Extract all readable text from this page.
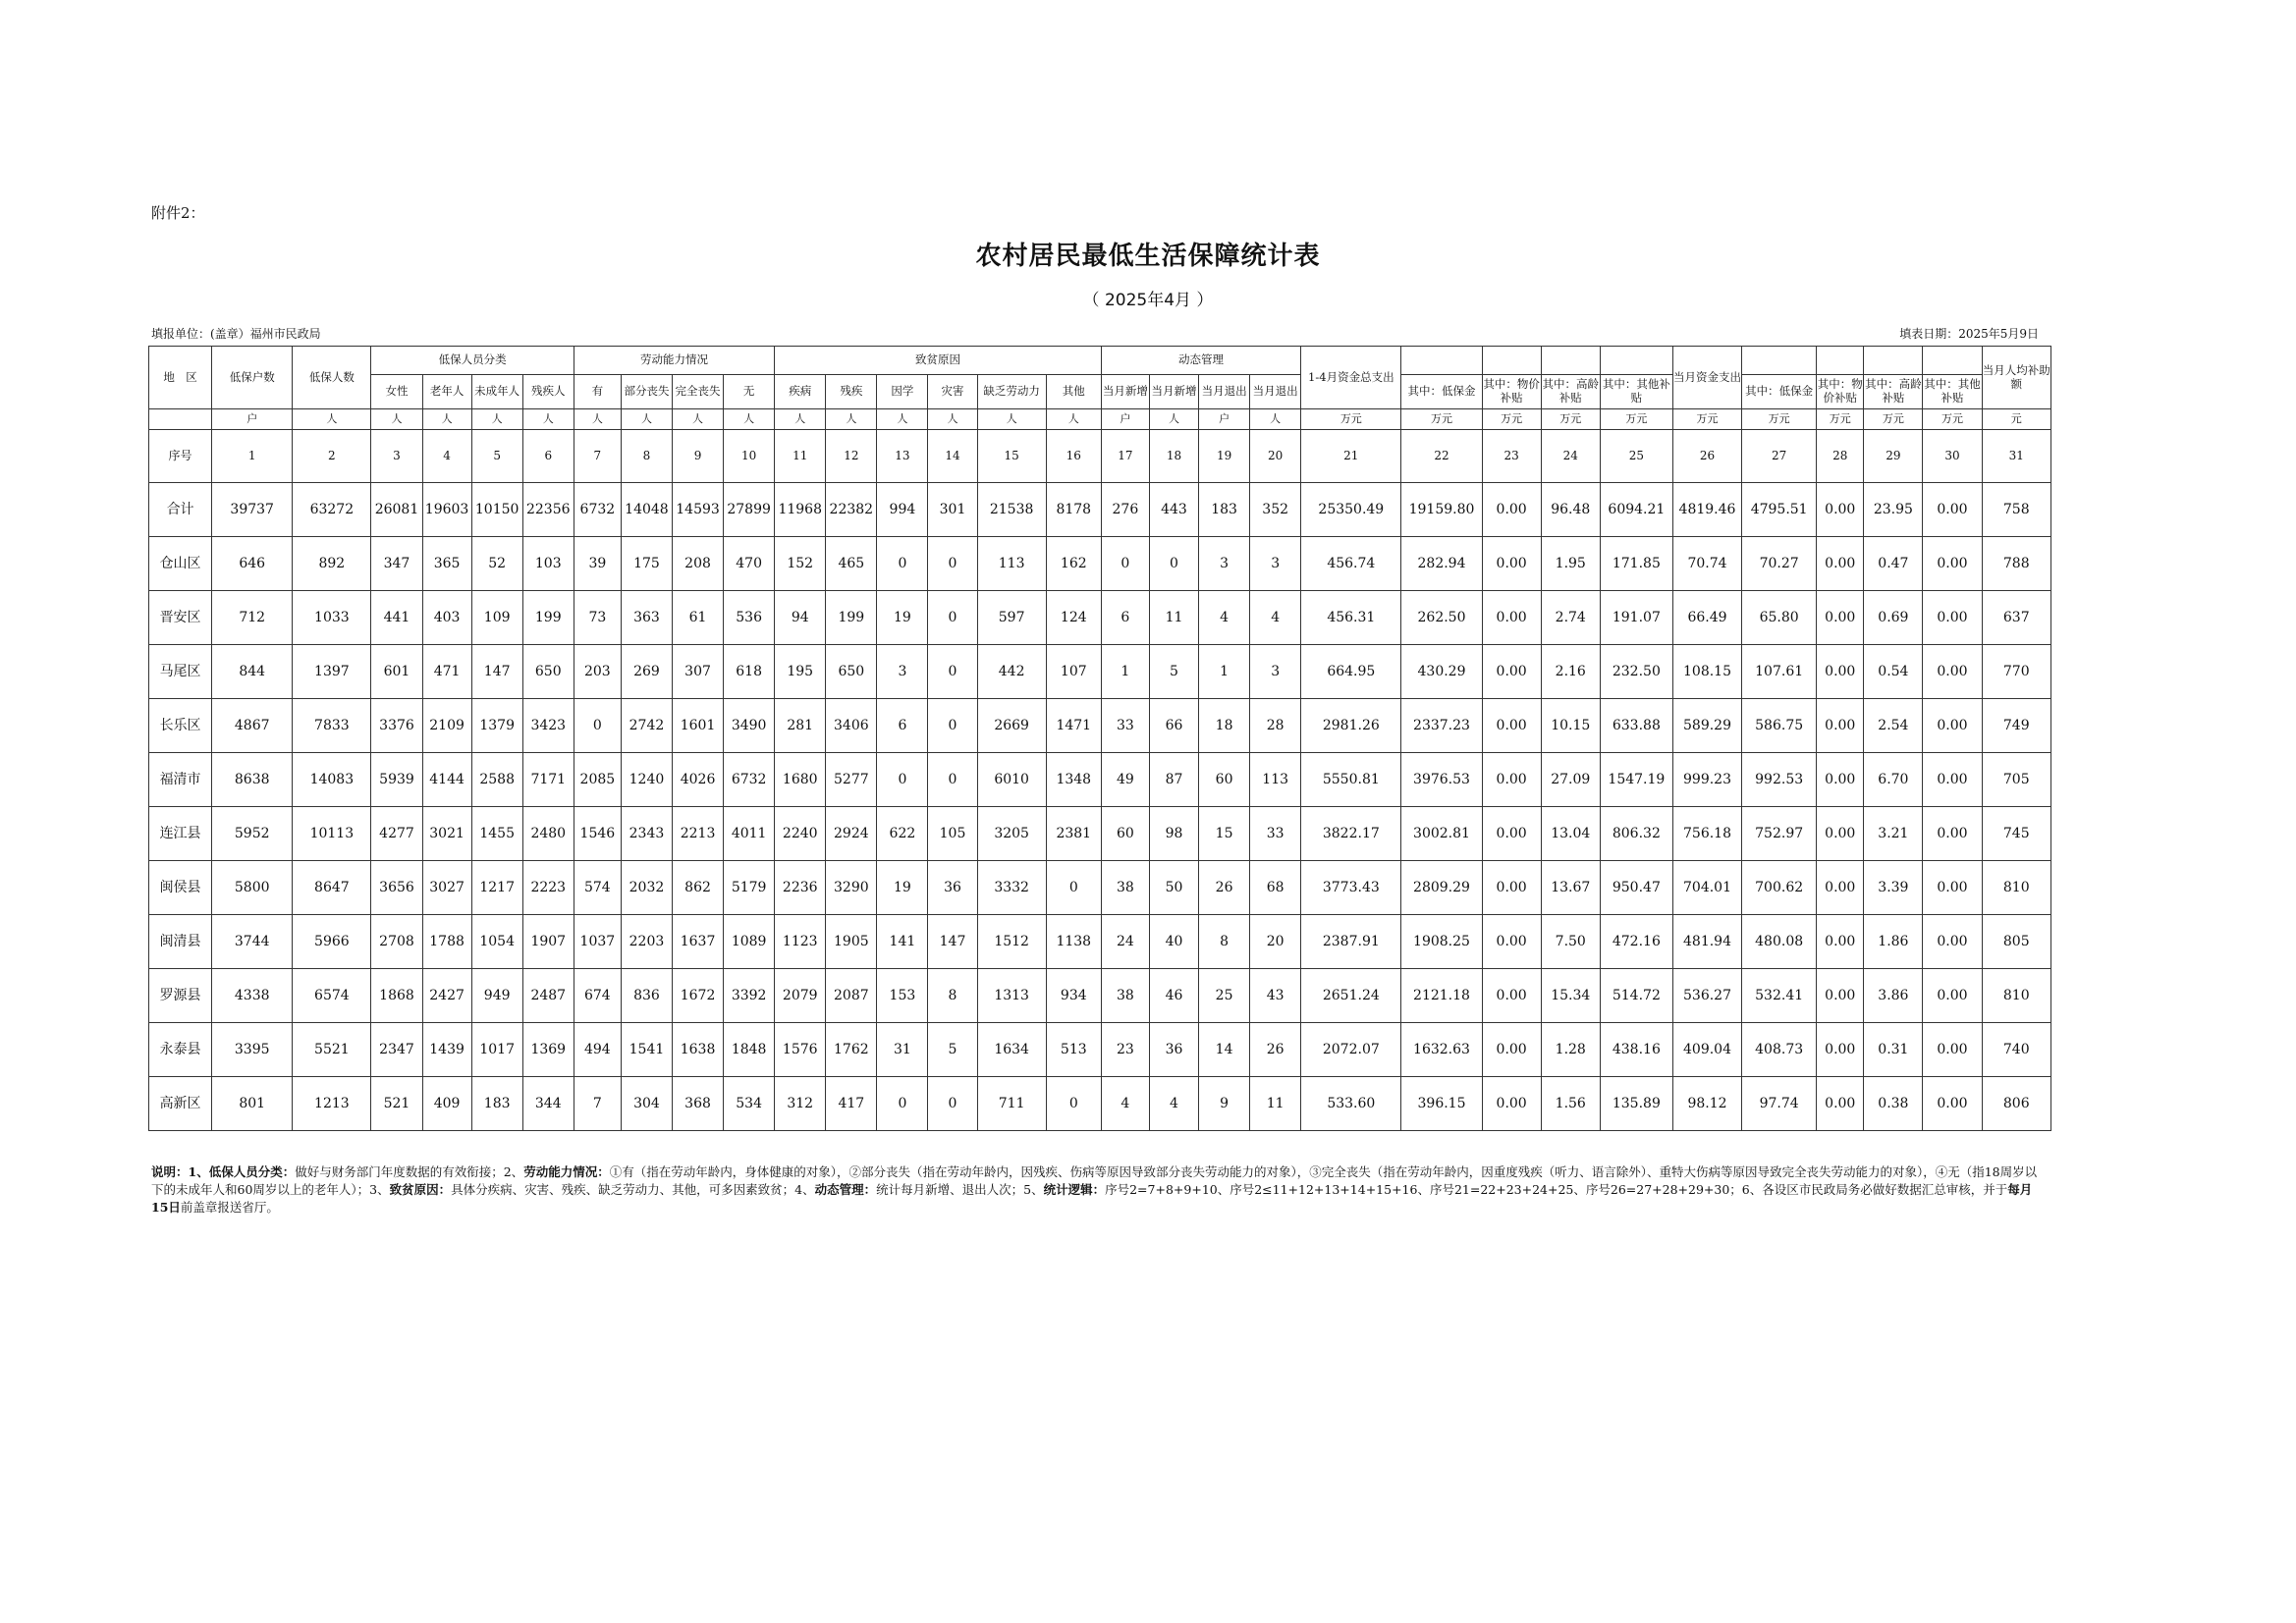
附件2：
农村居民最低生活保障统计表
（ 2025年4月 ）
填报单位：(盖章）福州市民政局	填表日期：2025年5月9日
地　区	低保户数	低保人数	低保人员分类				劳动能力情况				致贫原因						动态管理				1-4月资金总支出					当月资金支出					当月人均补助额
			女性	老年人	未成年人	残疾人	有	部分丧失	完全丧失	无	疾病	残疾	因学	灾害	缺乏劳动力	其他	当月新增	当月新增	当月退出	当月退出		其中：低保金	其中：物价补贴	其中：高龄补贴	其中：其他补贴		其中：低保金	其中：物价补贴	其中：高龄补贴	其中：其他补贴	
	户	人	人	人	人	人	人	人	人	人	人	人	人	人	人	人	户	人	户	人	万元	万元	万元	万元	万元	万元	万元	万元	万元	万元	元
序号	1	2	3	4	5	6	7	8	9	10	11	12	13	14	15	16	17	18	19	20	21	22	23	24	25	26	27	28	29	30	31
合计	39737	63272	26081	19603	10150	22356	6732	14048	14593	27899	11968	22382	994	301	21538	8178	276	443	183	352	25350.49	19159.80	0.00	96.48	6094.21	4819.46	4795.51	0.00	23.95	0.00	758
仓山区	646	892	347	365	52	103	39	175	208	470	152	465	0	0	113	162	0	0	3	3	456.74	282.94	0.00	1.95	171.85	70.74	70.27	0.00	0.47	0.00	788
晋安区	712	1033	441	403	109	199	73	363	61	536	94	199	19	0	597	124	6	11	4	4	456.31	262.50	0.00	2.74	191.07	66.49	65.80	0.00	0.69	0.00	637
马尾区	844	1397	601	471	147	650	203	269	307	618	195	650	3	0	442	107	1	5	1	3	664.95	430.29	0.00	2.16	232.50	108.15	107.61	0.00	0.54	0.00	770
长乐区	4867	7833	3376	2109	1379	3423	0	2742	1601	3490	281	3406	6	0	2669	1471	33	66	18	28	2981.26	2337.23	0.00	10.15	633.88	589.29	586.75	0.00	2.54	0.00	749
福清市	8638	14083	5939	4144	2588	7171	2085	1240	4026	6732	1680	5277	0	0	6010	1348	49	87	60	113	5550.81	3976.53	0.00	27.09	1547.19	999.23	992.53	0.00	6.70	0.00	705
连江县	5952	10113	4277	3021	1455	2480	1546	2343	2213	4011	2240	2924	622	105	3205	2381	60	98	15	33	3822.17	3002.81	0.00	13.04	806.32	756.18	752.97	0.00	3.21	0.00	745
闽侯县	5800	8647	3656	3027	1217	2223	574	2032	862	5179	2236	3290	19	36	3332	0	38	50	26	68	3773.43	2809.29	0.00	13.67	950.47	704.01	700.62	0.00	3.39	0.00	810
闽清县	3744	5966	2708	1788	1054	1907	1037	2203	1637	1089	1123	1905	141	147	1512	1138	24	40	8	20	2387.91	1908.25	0.00	7.50	472.16	481.94	480.08	0.00	1.86	0.00	805
罗源县	4338	6574	1868	2427	949	2487	674	836	1672	3392	2079	2087	153	8	1313	934	38	46	25	43	2651.24	2121.18	0.00	15.34	514.72	536.27	532.41	0.00	3.86	0.00	810
永泰县	3395	5521	2347	1439	1017	1369	494	1541	1638	1848	1576	1762	31	5	1634	513	23	36	14	26	2072.07	1632.63	0.00	1.28	438.16	409.04	408.73	0.00	0.31	0.00	740
高新区	801	1213	521	409	183	344	7	304	368	534	312	417	0	0	711	0	4	4	9	11	533.60	396.15	0.00	1.56	135.89	98.12	97.74	0.00	0.38	0.00	806
说明：1、低保人员分类：做好与财务部门年度数据的有效衔接；2、劳动能力情况：①有（指在劳动年龄内，身体健康的对象），②部分丧失（指在劳动年龄内，因残疾、伤病等原因导致部分丧失劳动能力的对象），③完全丧失（指在劳动年龄内，因重度残疾（听力、语言除外）、重特大伤病等原因导致完全丧失劳动能力的对象），④无（指18周岁以下的未成年人和60周岁以上的老年人）；3、致贫原因：具体分疾病、灾害、残疾、缺乏劳动力、其他，可多因素致贫；4、动态管理：统计每月新增、退出人次；5、统计逻辑：序号2=7+8+9+10、序号2≤11+12+13+14+15+16、序号21=22+23+24+25、序号26=27+28+29+30；6、各设区市民政局务必做好数据汇总审核，并于每月15日前盖章报送省厅。
